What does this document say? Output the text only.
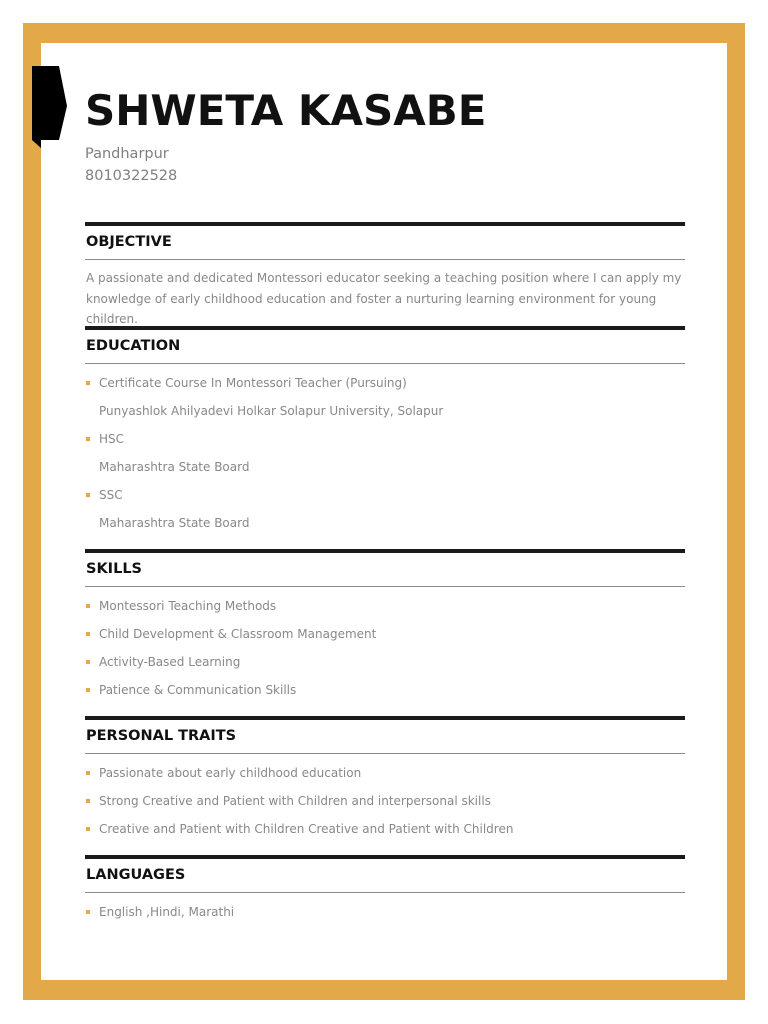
SHWETA KASABE
Pandharpur
8010322528
OBJECTIVE

A passionate and dedicated Montessori educator seeking a teaching position where I can apply my knowledge of early childhood education and foster a nurturing learning environment for young children.

EDUCATION
Certificate Course In Montessori Teacher (Pursuing)
Punyashlok Ahilyadevi Holkar Solapur University, Solapur
HSC
Maharashtra State Board
SSC
Maharashtra State Board
SKILLS
Montessori Teaching Methods
Child Development & Classroom Management
Activity-Based Learning
Patience & Communication Skills
PERSONAL TRAITS
Passionate about early childhood education
Strong Creative and Patient with Children and interpersonal skills
Creative and Patient with Children Creative and Patient with Children
LANGUAGES
English ,Hindi, Marathi
